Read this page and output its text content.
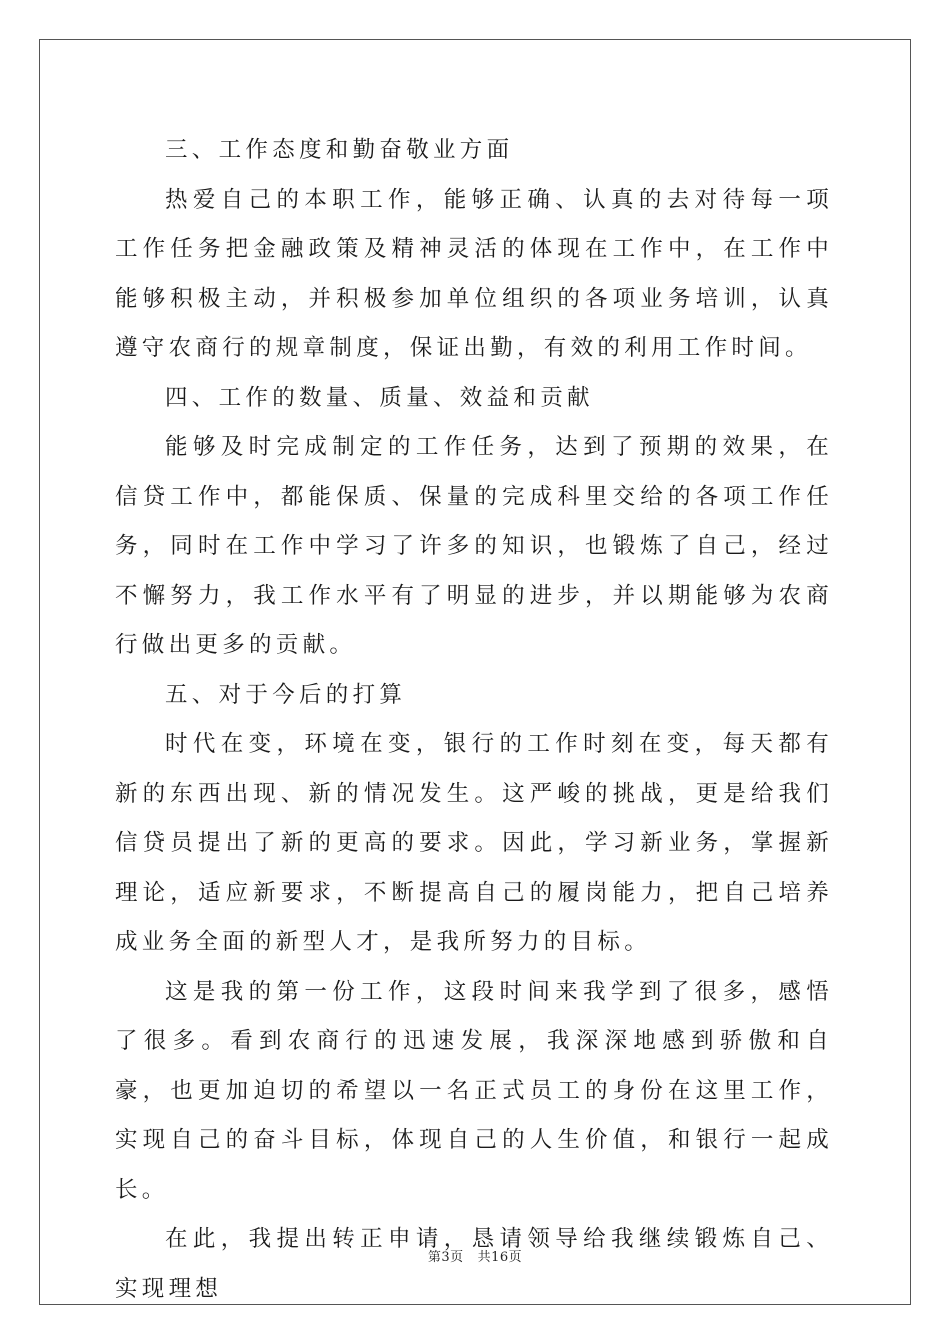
三、工作态度和勤奋敬业方面

热爱自己的本职工作，能够正确、认真的去对待每一项工作任务把金融政策及精神灵活的体现在工作中，在工作中能够积极主动，并积极参加单位组织的各项业务培训，认真遵守农商行的规章制度，保证出勤，有效的利用工作时间。

四、工作的数量、质量、效益和贡献

能够及时完成制定的工作任务，达到了预期的效果，在信贷工作中，都能保质、保量的完成科里交给的各项工作任务，同时在工作中学习了许多的知识，也锻炼了自己，经过不懈努力，我工作水平有了明显的进步，并以期能够为农商行做出更多的贡献。

五、对于今后的打算

时代在变，环境在变，银行的工作时刻在变，每天都有新的东西出现、新的情况发生。这严峻的挑战，更是给我们信贷员提出了新的更高的要求。因此，学习新业务，掌握新理论，适应新要求，不断提高自己的履岗能力，把自己培养成业务全面的新型人才，是我所努力的目标。

这是我的第一份工作，这段时间来我学到了很多，感悟了很多。看到农商行的迅速发展，我深深地感到骄傲和自豪，也更加迫切的希望以一名正式员工的身份在这里工作，实现自己的奋斗目标，体现自己的人生价值，和银行一起成长。

在此，我提出转正申请，恳请领导给我继续锻炼自己、实现理想

第3页 共16页
